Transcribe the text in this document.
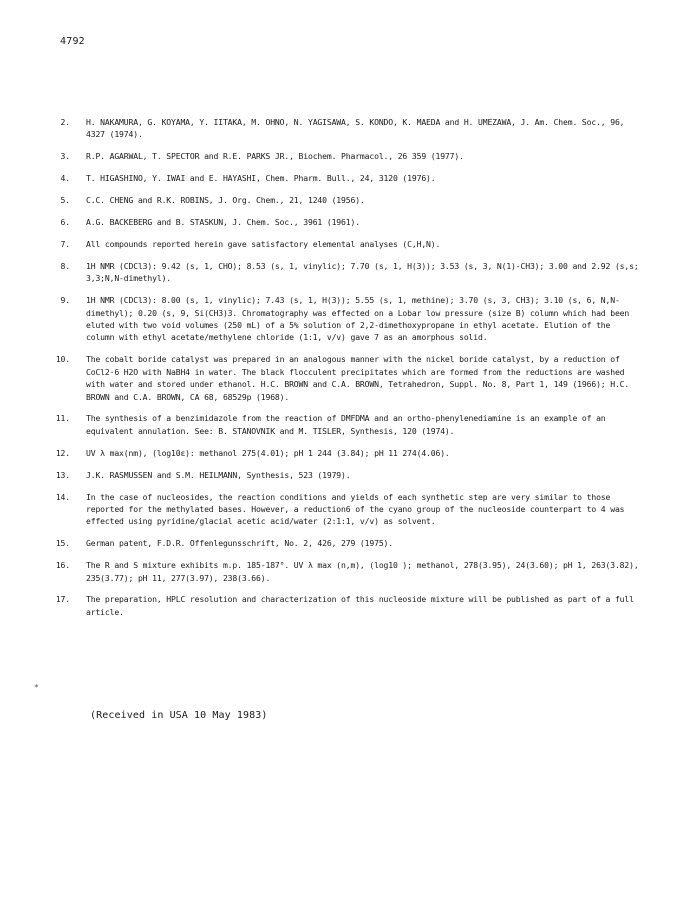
4792
2 .	H. NAKAMURA, G. KOYAMA, Y. IITAKA, M. OHNO, N. YAGISAWA, S. KONDO, K. MAEDA and H. UMEZAWA, J. Am. Chem. Soc., 96, 4327 (1974).
3 .	R.P. AGARWAL, T. SPECTOR and R.E. PARKS JR., Biochem. Pharmacol., 26 359 (1977).
4 .	T. HIGASHINO, Y. IWAI and E. HAYASHI, Chem. Pharm. Bull., 24, 3120 (1976).
5 .	C.C. CHENG and R.K. ROBINS, J. Org. Chem., 21, 1240 (1956).
6 .	A.G. BACKEBERG and B. STASKUN, J. Chem. Soc., 3961 (1961).
7 .	All compounds reported herein gave satisfactory elemental analyses (C,H,N).
8 .	1H NMR (CDCl3): 9.42 (s, 1, CHO); 8.53 (s, 1, vinylic); 7.70 (s, 1, H(3)); 3.53 (s, 3, N(1)-CH3); 3.00 and 2.92 (s,s; 3,3;N,N-dimethyl).
9 .	1H NMR (CDCl3): 8.00 (s, 1, vinylic); 7.43 (s, 1, H(3)); 5.55 (s, 1, methine); 3.70 (s, 3, CH3); 3.10 (s, 6, N,N-dimethyl); 0.20 (s, 9, Si(CH3)3. Chromatography was effected on a Lobar low pressure (size B) column which had been eluted with two void volumes (250 mL) of a 5% solution of 2,2-dimethoxypropane in ethyl acetate. Elution of the column with ethyl acetate/methylene chloride (1:1, v/v) gave 7 as an amorphous solid.
10 .	The cobalt boride catalyst was prepared in an analogous manner with the nickel boride catalyst, by a reduction of CoCl2·6 H2O with NaBH4 in water. The black flocculent precipitates which are formed from the reductions are washed with water and stored under ethanol. H.C. BROWN and C.A. BROWN, Tetrahedron, Suppl. No. 8, Part 1, 149 (1966); H.C. BROWN and C.A. BROWN, CA 68, 68529p (1968).
11 .	The synthesis of a benzimidazole from the reaction of DMFDMA and an ortho-phenylenediamine is an example of an equivalent annulation. See: B. STANOVNIK and M. TISLER, Synthesis, 120 (1974).
12 .	UV λ max(nm), (log10ε): methanol 275(4.01); pH 1 244 (3.84); pH 11 274(4.06).
13 .	J.K. RASMUSSEN and S.M. HEILMANN, Synthesis, 523 (1979).
14 .	In the case of nucleosides, the reaction conditions and yields of each synthetic step are very similar to those reported for the methylated bases. However, a reduction6 of the cyano group of the nucleoside counterpart to 4 was effected using pyridine/glacial acetic acid/water (2:1:1, v/v) as solvent.
15 .	German patent, F.D.R. Offenlegunsschrift, No. 2, 426, 279 (1975).
16 .	The R and S mixture exhibits m.p. 185-187°. UV λ max (n,m), (log10 ); methanol, 278(3.95), 24(3.60); pH 1, 263(3.82), 235(3.77); pH 11, 277(3.97), 238(3.66).
17 .	The preparation, HPLC resolution and characterization of this nucleoside mixture will be published as part of a full article.
*
(Received in USA 10 May 1983)
